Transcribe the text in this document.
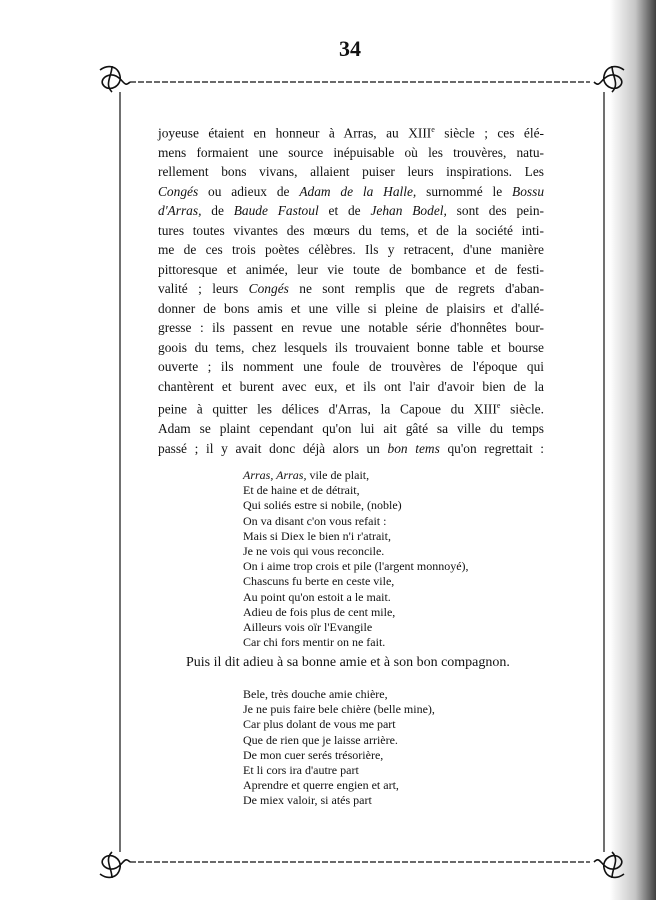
34
joyeuse étaient en honneur à Arras, au XIIIe siècle ; ces élé-
mens formaient une source inépuisable où les trouvères, natu-
rellement bons vivans, allaient puiser leurs inspirations. Les
Congés ou adieux de Adam de la Halle, surnommé le Bossu
d'Arras, de Baude Fastoul et de Jehan Bodel, sont des pein-
tures toutes vivantes des mœurs du tems, et de la société inti-
me de ces trois poètes célèbres. Ils y retracent, d'une manière
pittoresque et animée, leur vie toute de bombance et de festi-
valité ; leurs Congés ne sont remplis que de regrets d'aban-
donner de bons amis et une ville si pleine de plaisirs et d'allé-
gresse : ils passent en revue une notable série d'honnêtes bour-
goois du tems, chez lesquels ils trouvaient bonne table et bourse
ouverte ; ils nomment une foule de trouvères de l'époque qui
chantèrent et burent avec eux, et ils ont l'air d'avoir bien de la
peine à quitter les délices d'Arras, la Capoue du XIIIe siècle.
Adam se plaint cependant qu'on lui ait gâté sa ville du temps
passé ; il y avait donc déjà alors un bon tems qu'on regrettait :
Arras, Arras, vile de plait,
Et de haine et de détrait,
Qui soliés estre si nobile, (noble)
On va disant c'on vous refait :
Mais si Diex le bien n'i r'atrait,
Je ne vois qui vous reconcile.
On i aime trop crois et pile (l'argent monnoyé),
Chascuns fu berte en ceste vile,
Au point qu'on estoit a le mait.
Adieu de fois plus de cent mile,
Ailleurs vois oïr l'Evangile
Car chi fors mentir on ne fait.
Puis il dit adieu à sa bonne amie et à son bon compagnon.
Bele, très douche amie chière,
Je ne puis faire bele chière (belle mine),
Car plus dolant de vous me part
Que de rien que je laisse arrière.
De mon cuer serés trésorière,
Et li cors ira d'autre part
Aprendre et querre engien et art,
De miex valoir, si atés part
